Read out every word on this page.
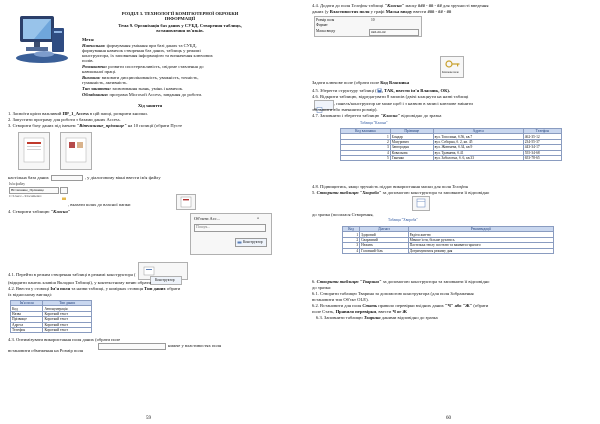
РОЗДІЛ 3. ТЕХНОЛОГІЇ КОМП'ЮТЕРНОЇ ОБРОБКИ
ІНФОРМАЦІЇ
Тема 9. Організація баз даних у СУБД. Створення таблиць,
встановлення зв'язків.
Мета:
Навчальна: формування умінння при базі даних та СУБД,
формування навичок створення баз даних, таблиць у режимі
конструктора, їх заповнення інформацією та визначення ключових
полів.
Розвиваюча: розвити спостережливість, свідоме ставлення до
навчальної праці.
Виховна: виховати дисциплінованість, уважність, точність,
гуманність, активність.
Тип заняття: засвоювання знань, умінь і навичок.
Обладнання: програма Microsoft Access, завдання до роботи.
Хід заняття
1. Засвоїти кріпп важливий ПР_1_Access в цій папці, розкрити кнопки.
2. Запустити програму для роботи з базами даних Access.
3. Створити базу даних під іменем "Вітчизняне_прізвище" на 10 позиції (обрати Пусте
настільна база даних	, у діалоговому вікні ввести ім'я файлу
Ім'я файлу
Вітчизняне_Прізвище
C:\Users\...\Documents\
, вказати шлях до власної папки
4. Створити таблицю "Класна"
Об'єкти Acc...	«
Пошук...
Конструктор
4.1. Перейти в режим створення таблиці в режимі конструктора (
Конструктор
(відкрити панель клавіш Вкладки Таблиці), у контекстному меню обрати
4.2. Ввести у стовпці Ім'я поля та назви таблиці, у комірках стовпця Тип даних обрати
їх відносному вигляді:
Ім'я поля	Тип даних
Код	Автонумерація
Назва	Короткий текст
Прізвище	Короткий текст
Адреса	Короткий текст
Телефон	Короткий текст
4.3. Оптимізувати використання поля даних (обрати поле
нижче у властивостях поля
встановити обмеження на Розмір поля
59
4.4. Додати до поля Телефон таблиці "Класна" маску ### - ## - ## для зручності введення
даних (у Властивостях поля у графі Маска вводу ввести ### - ## - ##
Розмір поля	10
Формат
Маска вводу	###-##-##
Ключове поле
Задати ключове поле (обрати поле Код Власника
4.5. Зберегти структуру таблиці ( , ТАК, ввести ім'я Власник, ОК).
4.6. Відкрити таблицю, відредагувати 8 записів (двічі клацнути на назві таблиці
, панель/конструктор не може щоб і з назвою в записі ключове змінити
збільшити або зменшити розмір).
4.7. Заповнити і зберегти таблицю "Класна" відповідно до зразка
Таблиця "Класна"
Код власника	Прізвище	Адреса	Телефон
1	Бондар	вул. Тополина, б.56, кв.7	462-35-12
2	Мазурович	вул. Соборна, б. 2, кв. 45	234-55-37
3	Завгородня	вул. Жовтнева, б.34, кв.9	443-34-17
4	Ковальова	вул. Травнева, б.41	555-34-68
5	Ганенко	вул. Заболотна, б. 6, кв.33	653-78-65
4.8. Підвищитись, якщо зручність піддає використання маски для поля Телефон
5. Створити таблицю "Хвороба" за допомогою конструктора та заповнити її відповідно
до зразка (посилася Створення,
Таблиця "Хвороба"
Код	Діагноз	Рекомендації
1	Здоровий	Радіти життю
2	Сварливий	Менше їсти, більше рухатись
3	Нежить	Пастелька теплу постелю та вживати гарячого
4	Головний біль	Дотримуватися режиму дня
6. Створити таблицю "Тварина" за допомогою конструктора та заповнити її відповідно
до зразка:
6.1. Створити таблицю Тварина за допомогою конструктора (для поля Зображення
встановити тип Об'єкт OLE).
6.2. Встановити для поля Стать правило перевірки вхідних даних "Ч" або "Ж" (обрати
поле Стать, Правило перевірки, ввести Ч or Ж
6.3. Заповнити таблицю Тварина даними відповідно до зразка
60
